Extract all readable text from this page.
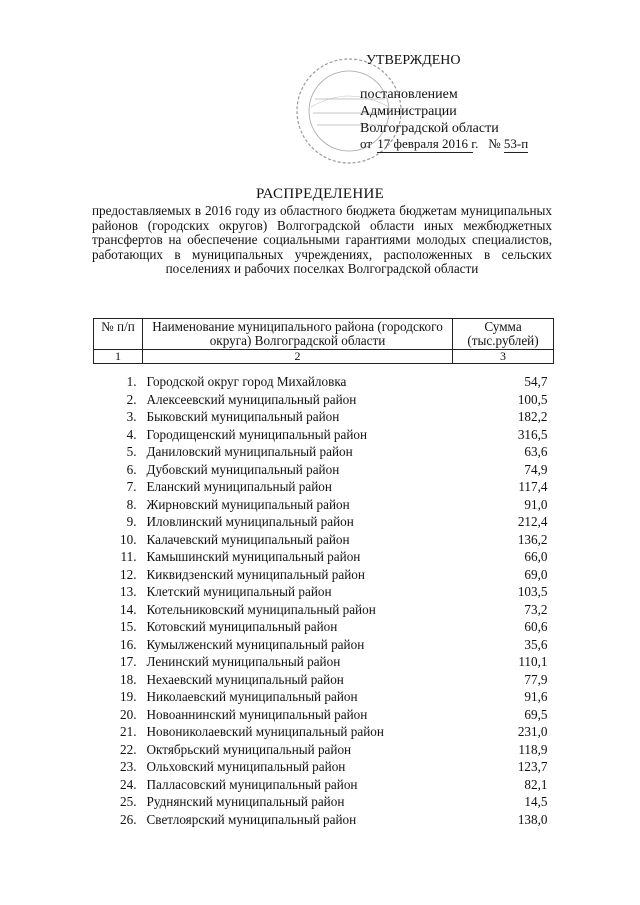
УТВЕРЖДЕНО
постановлением
Администрации
Волгоградской области
от 17 февраля 2016 г. № 53-п
РАСПРЕДЕЛЕНИЕ
предоставляемых в 2016 году из областного бюджета бюджетам муниципальных районов (городских округов) Волгоградской области иных межбюджетных трансфертов на обеспечение социальными гарантиями молодых специалистов, работающих в муниципальных учреждениях, расположенных в сельских поселениях и рабочих поселках Волгоградской области
№ п/п	Наименование муниципального района (городского округа) Волгоградской области	Сумма (тыс.рублей)
1	2	3

1.	Городской округ город Михайловка	54,7
2.	Алексеевский муниципальный район	100,5
3.	Быковский муниципальный район	182,2
4.	Городищенский муниципальный район	316,5
5.	Даниловский муниципальный район	63,6
6.	Дубовский муниципальный район	74,9
7.	Еланский муниципальный район	117,4
8.	Жирновский муниципальный район	91,0
9.	Иловлинский муниципальный район	212,4
10.	Калачевский муниципальный район	136,2
11.	Камышинский муниципальный район	66,0
12.	Киквидзенский муниципальный район	69,0
13.	Клетский муниципальный район	103,5
14.	Котельниковский муниципальный район	73,2
15.	Котовский муниципальный район	60,6
16.	Кумылженский муниципальный район	35,6
17.	Ленинский муниципальный район	110,1
18.	Нехаевский муниципальный район	77,9
19.	Николаевский муниципальный район	91,6
20.	Новоаннинский муниципальный район	69,5
21.	Новониколаевский муниципальный район	231,0
22.	Октябрьский муниципальный район	118,9
23.	Ольховский муниципальный район	123,7
24.	Палласовский муниципальный район	82,1
25.	Руднянский муниципальный район	14,5
26.	Светлоярский муниципальный район	138,0
